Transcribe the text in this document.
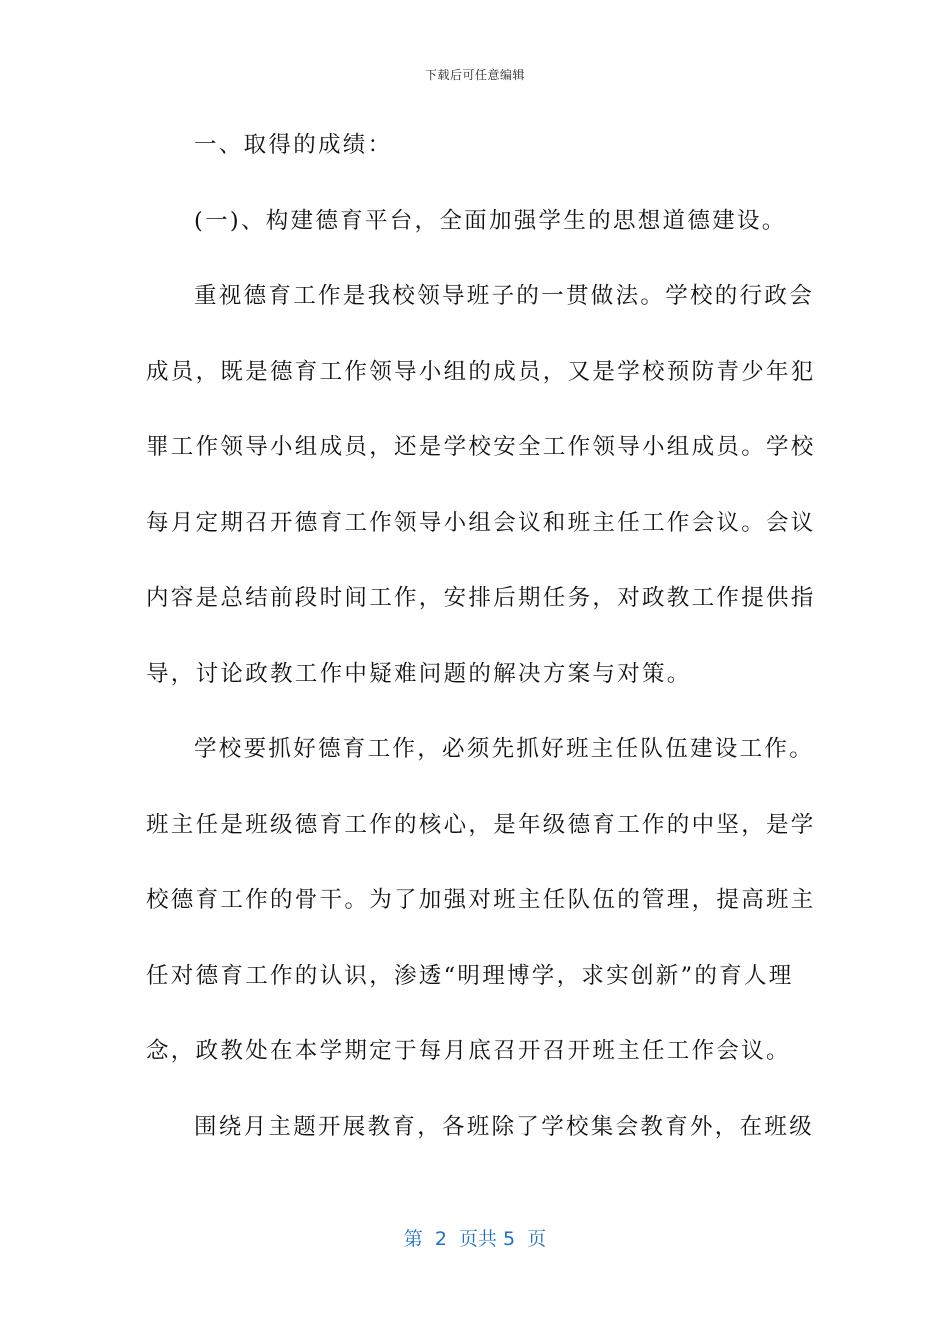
下载后可任意编辑
一、取得的成绩：
(一)、构建德育平台，全面加强学生的思想道德建设。
重视德育工作是我校领导班子的一贯做法。学校的行政会
成员，既是德育工作领导小组的成员，又是学校预防青少年犯
罪工作领导小组成员，还是学校安全工作领导小组成员。学校
每月定期召开德育工作领导小组会议和班主任工作会议。会议
内容是总结前段时间工作，安排后期任务，对政教工作提供指
导，讨论政教工作中疑难问题的解决方案与对策。
学校要抓好德育工作，必须先抓好班主任队伍建设工作。
班主任是班级德育工作的核心，是年级德育工作的中坚，是学
校德育工作的骨干。为了加强对班主任队伍的管理，提高班主
任对德育工作的认识，渗透“明理博学，求实创新”的育人理
念，政教处在本学期定于每月底召开召开班主任工作会议。
围绕月主题开展教育，各班除了学校集会教育外，在班级
第  2  页共 5  页
